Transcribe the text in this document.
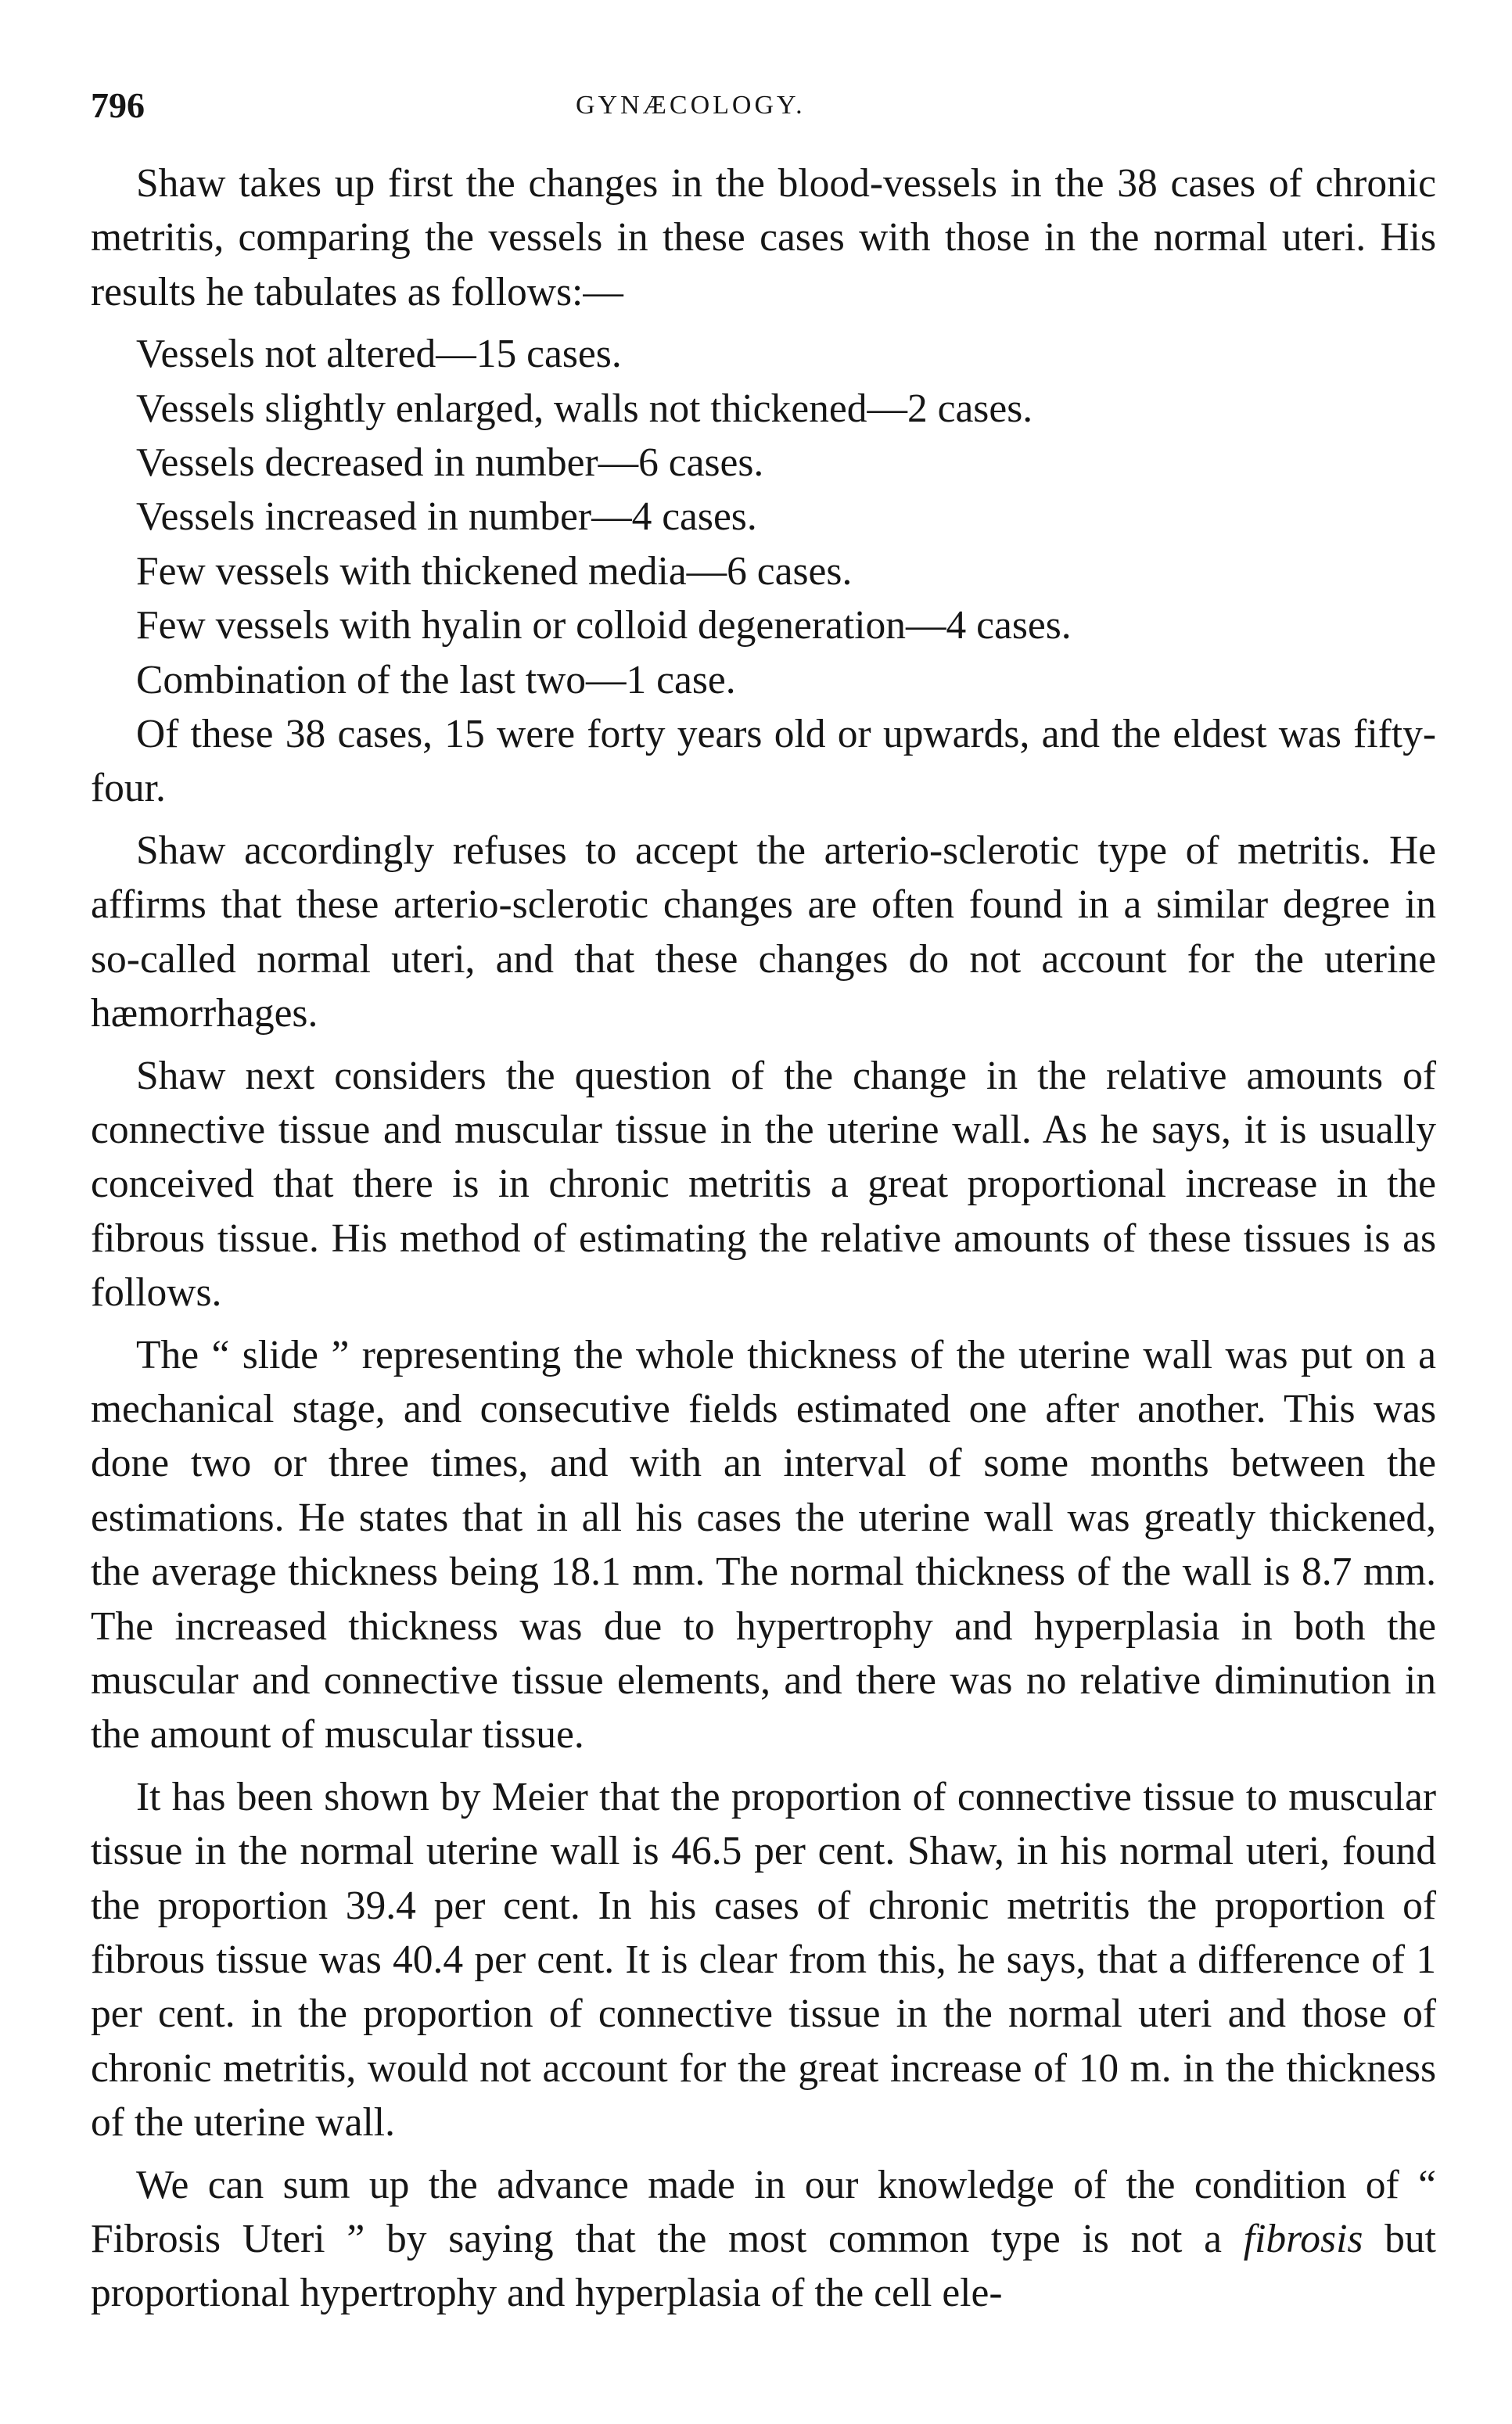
796	GYNÆCOLOGY.

Shaw takes up first the changes in the blood-vessels in the 38 cases of chronic metritis, comparing the vessels in these cases with those in the normal uteri. His results he tabulates as follows:—

Vessels not altered—15 cases.

Vessels slightly enlarged, walls not thickened—2 cases.

Vessels decreased in number—6 cases.

Vessels increased in number—4 cases.

Few vessels with thickened media—6 cases.

Few vessels with hyalin or colloid degeneration—4 cases.

Combination of the last two—1 case.

Of these 38 cases, 15 were forty years old or upwards, and the eldest was fifty-four.

Shaw accordingly refuses to accept the arterio-sclerotic type of metritis. He affirms that these arterio-sclerotic changes are often found in a similar degree in so-called normal uteri, and that these changes do not account for the uterine hæmorrhages.

Shaw next considers the question of the change in the relative amounts of connective tissue and muscular tissue in the uterine wall. As he says, it is usually conceived that there is in chronic metritis a great proportional increase in the fibrous tissue. His method of estimating the relative amounts of these tissues is as follows.

The “ slide ” representing the whole thickness of the uterine wall was put on a mechanical stage, and consecutive fields estimated one after another. This was done two or three times, and with an interval of some months between the estimations. He states that in all his cases the uterine wall was greatly thickened, the average thickness being 18.1 mm. The normal thickness of the wall is 8.7 mm. The increased thickness was due to hypertrophy and hyperplasia in both the muscular and connective tissue elements, and there was no relative diminution in the amount of muscular tissue.

It has been shown by Meier that the proportion of connective tissue to muscular tissue in the normal uterine wall is 46.5 per cent. Shaw, in his normal uteri, found the proportion 39.4 per cent. In his cases of chronic metritis the proportion of fibrous tissue was 40.4 per cent. It is clear from this, he says, that a difference of 1 per cent. in the proportion of connective tissue in the normal uteri and those of chronic metritis, would not account for the great increase of 10 m. in the thickness of the uterine wall.

We can sum up the advance made in our knowledge of the condition of “ Fibrosis Uteri ” by saying that the most common type is not a fibrosis but proportional hypertrophy and hyperplasia of the cell ele-
